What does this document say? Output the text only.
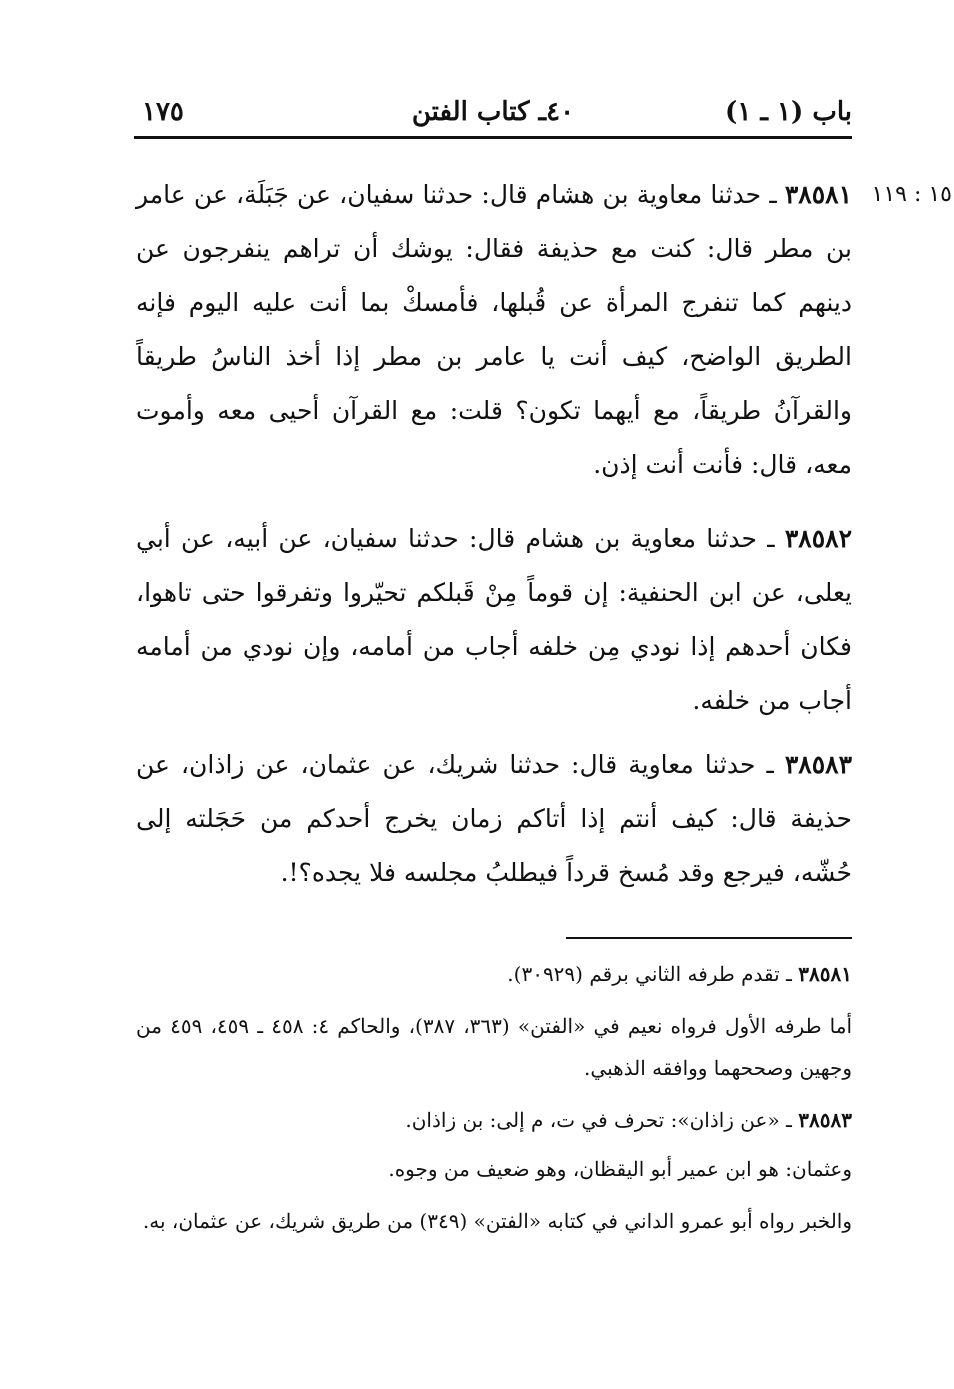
باب (١ ـ ١)
٤٠ـ كتاب الفتن
١٧٥
١٥ : ١١٩

٣٨٥٨١ ـ حدثنا معاوية بن هشام قال: حدثنا سفيان، عن جَبَلَة، عن عامر بن مطر قال: كنت مع حذيفة فقال: يوشك أن تراهم ينفرجون عن دينهم كما تنفرج المرأة عن قُبلها، فأمسكْ بما أنت عليه اليوم فإنه الطريق الواضح، كيف أنت يا عامر بن مطر إذا أخذ الناسُ طريقاً والقرآنُ طريقاً، مع أيهما تكون؟ قلت: مع القرآن أحيى معه وأموت معه، قال: فأنت أنت إذن.

٣٨٥٨٢ ـ حدثنا معاوية بن هشام قال: حدثنا سفيان، عن أبيه، عن أبي يعلى، عن ابن الحنفية: إن قوماً مِنْ قَبلكم تحيّروا وتفرقوا حتى تاهوا، فكان أحدهم إذا نودي مِن خلفه أجاب من أمامه، وإن نودي من أمامه أجاب من خلفه.

٣٨٥٨٣ ـ حدثنا معاوية قال: حدثنا شريك، عن عثمان، عن زاذان، عن حذيفة قال: كيف أنتم إذا أتاكم زمان يخرج أحدكم من حَجَلته إلى حُشّه، فيرجع وقد مُسخ قرداً فيطلبُ مجلسه فلا يجده؟!.

٣٨٥٨١ ـ تقدم طرفه الثاني برقم (٣٠٩٢٩).

أما طرفه الأول فرواه نعيم في «الفتن» (٣٦٣، ٣٨٧)، والحاكم ٤: ٤٥٨ ـ ٤٥٩، ٤٥٩ من وجهين وصححهما ووافقه الذهبي.

٣٨٥٨٣ ـ «عن زاذان»: تحرف في ت، م إلى: بن زاذان.

وعثمان: هو ابن عمير أبو اليقظان، وهو ضعيف من وجوه.

والخبر رواه أبو عمرو الداني في كتابه «الفتن» (٣٤٩) من طريق شريك، عن عثمان، به.
